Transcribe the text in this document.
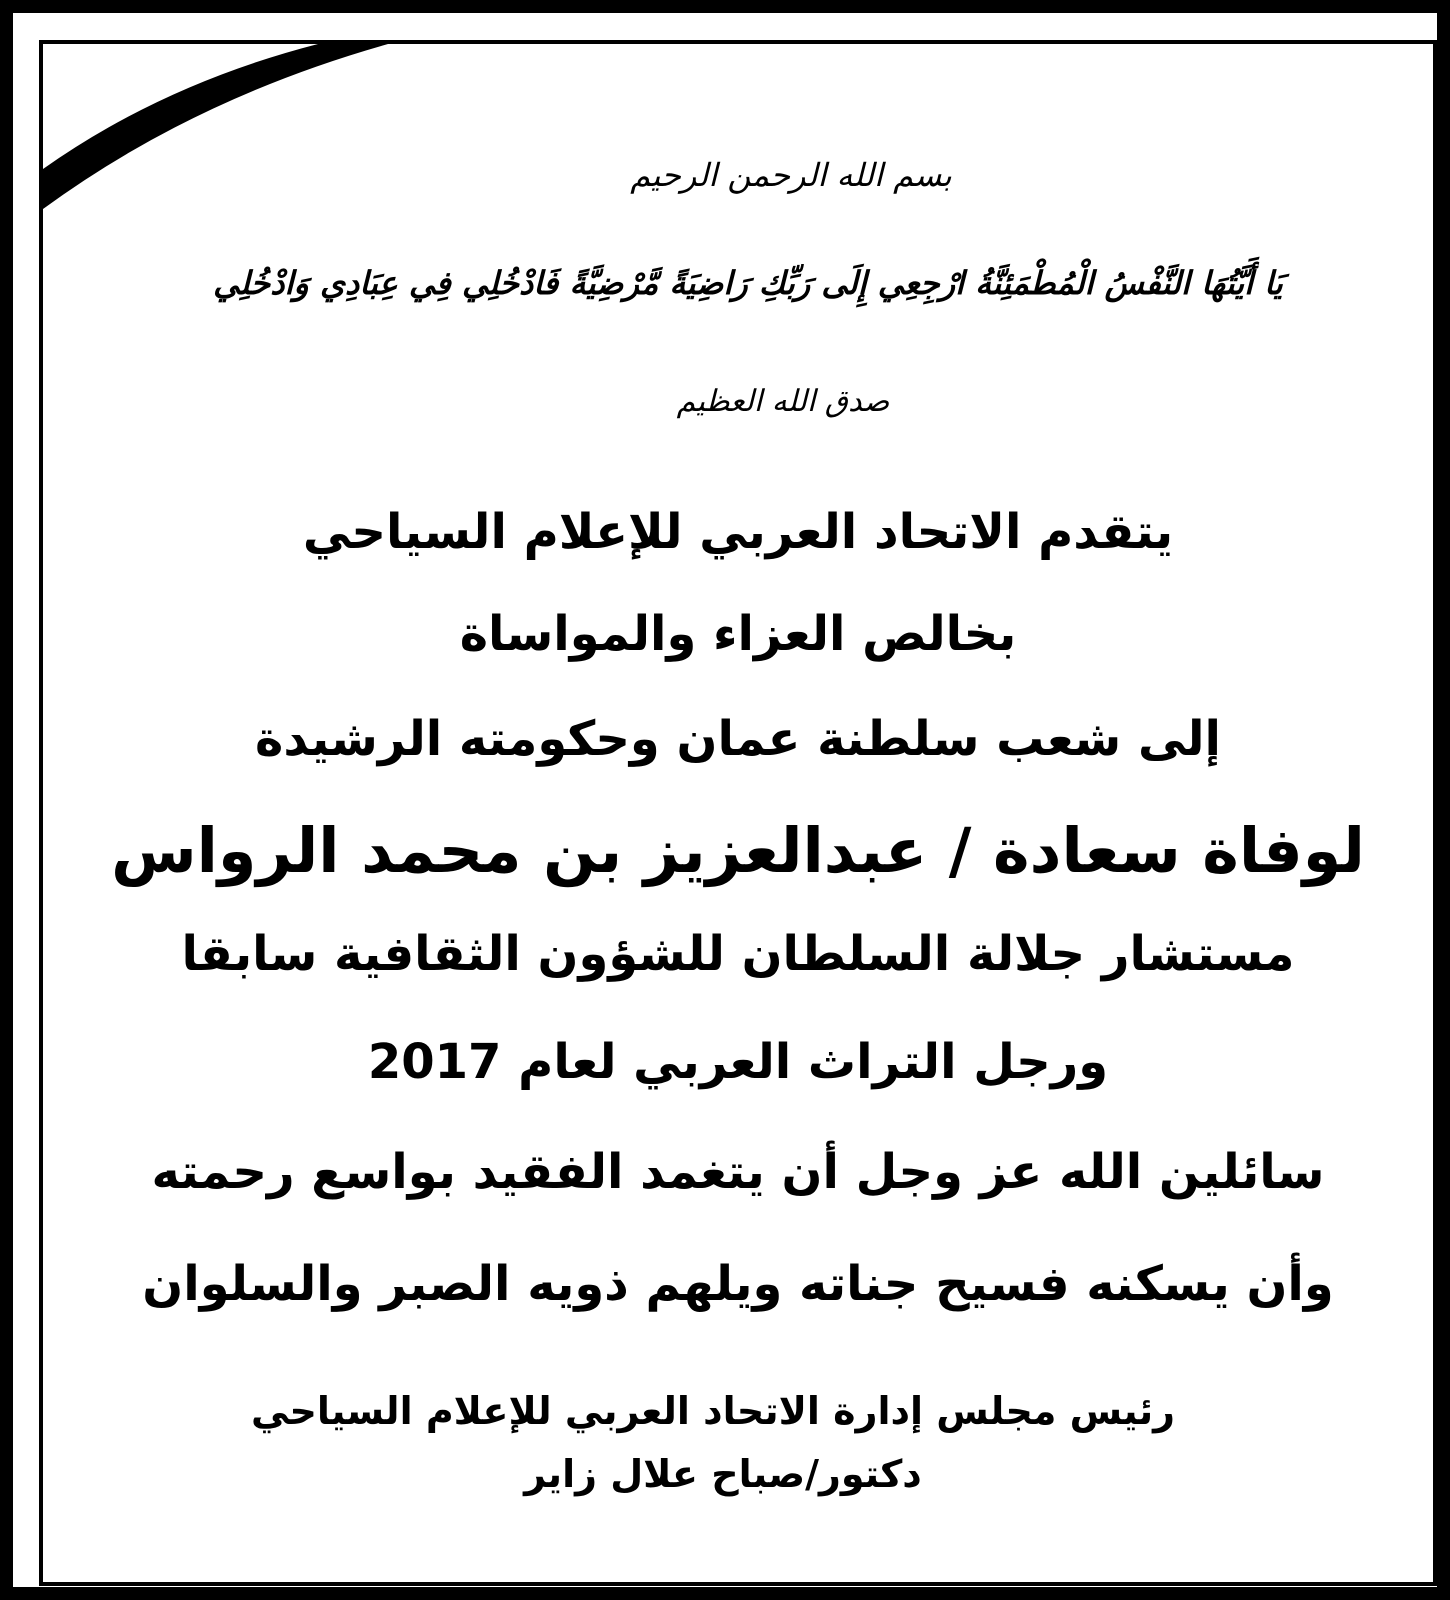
بسم الله الرحمن الرحيم
يَا أَيَّتُهَا النَّفْسُ الْمُطْمَئِنَّةُ ارْجِعِي إِلَى رَبِّكِ رَاضِيَةً مَّرْضِيَّةً فَادْخُلِي فِي عِبَادِي وَادْخُلِي
صدق الله العظيم
يتقدم الاتحاد العربي للإعلام السياحي
بخالص العزاء والمواساة
إلى شعب سلطنة عمان وحكومته الرشيدة
لوفاة سعادة / عبدالعزيز بن محمد الرواس
مستشار جلالة السلطان للشؤون الثقافية سابقا
ورجل التراث العربي لعام 2017
سائلين الله عز وجل أن يتغمد الفقيد بواسع رحمته
وأن يسكنه فسيح جناته ويلهم ذويه الصبر والسلوان
رئيس مجلس إدارة الاتحاد العربي للإعلام السياحي
دكتور/صباح علال زاير
